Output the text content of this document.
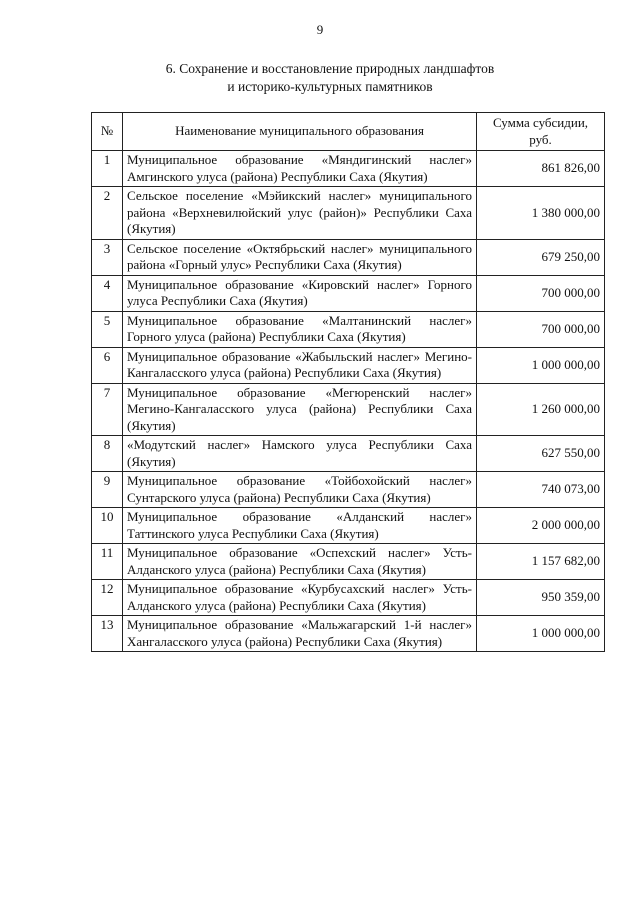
9
6. Сохранение и восстановление природных ландшафтов
и историко-культурных памятников
№	Наименование муниципального образования	Сумма субсидии, руб.
1	Муниципальное образование «Мяндигинский наслег» Амгинского улуса (района) Республики Саха (Якутия)	861 826,00
2	Сельское поселение «Мэйикский наслег» муниципального района «Верхневилюйский улус (район)» Республики Саха (Якутия)	1 380 000,00
3	Сельское поселение «Октябрьский наслег» муниципального района «Горный улус» Республики Саха (Якутия)	679 250,00
4	Муниципальное образование «Кировский наслег» Горного улуса Республики Саха (Якутия)	700 000,00
5	Муниципальное образование «Малтанинский наслег» Горного улуса (района) Республики Саха (Якутия)	700 000,00
6	Муниципальное образование «Жабыльский наслег» Мегино-Кангаласского улуса (района) Республики Саха (Якутия)	1 000 000,00
7	Муниципальное образование «Мегюренский наслег» Мегино-Кангаласского улуса (района) Республики Саха (Якутия)	1 260 000,00
8	«Модутский наслег» Намского улуса Республики Саха (Якутия)	627 550,00
9	Муниципальное образование «Тойбохойский наслег» Сунтарского улуса (района) Республики Саха (Якутия)	740 073,00
10	Муниципальное образование «Алданский наслег» Таттинского улуса Республики Саха (Якутия)	2 000 000,00
11	Муниципальное образование «Оспехский наслег» Усть-Алданского улуса (района) Республики Саха (Якутия)	1 157 682,00
12	Муниципальное образование «Курбусахский наслег» Усть-Алданского улуса (района) Республики Саха (Якутия)	950 359,00
13	Муниципальное образование «Мальжагарский 1-й наслег» Хангаласского улуса (района) Республики Саха (Якутия)	1 000 000,00
